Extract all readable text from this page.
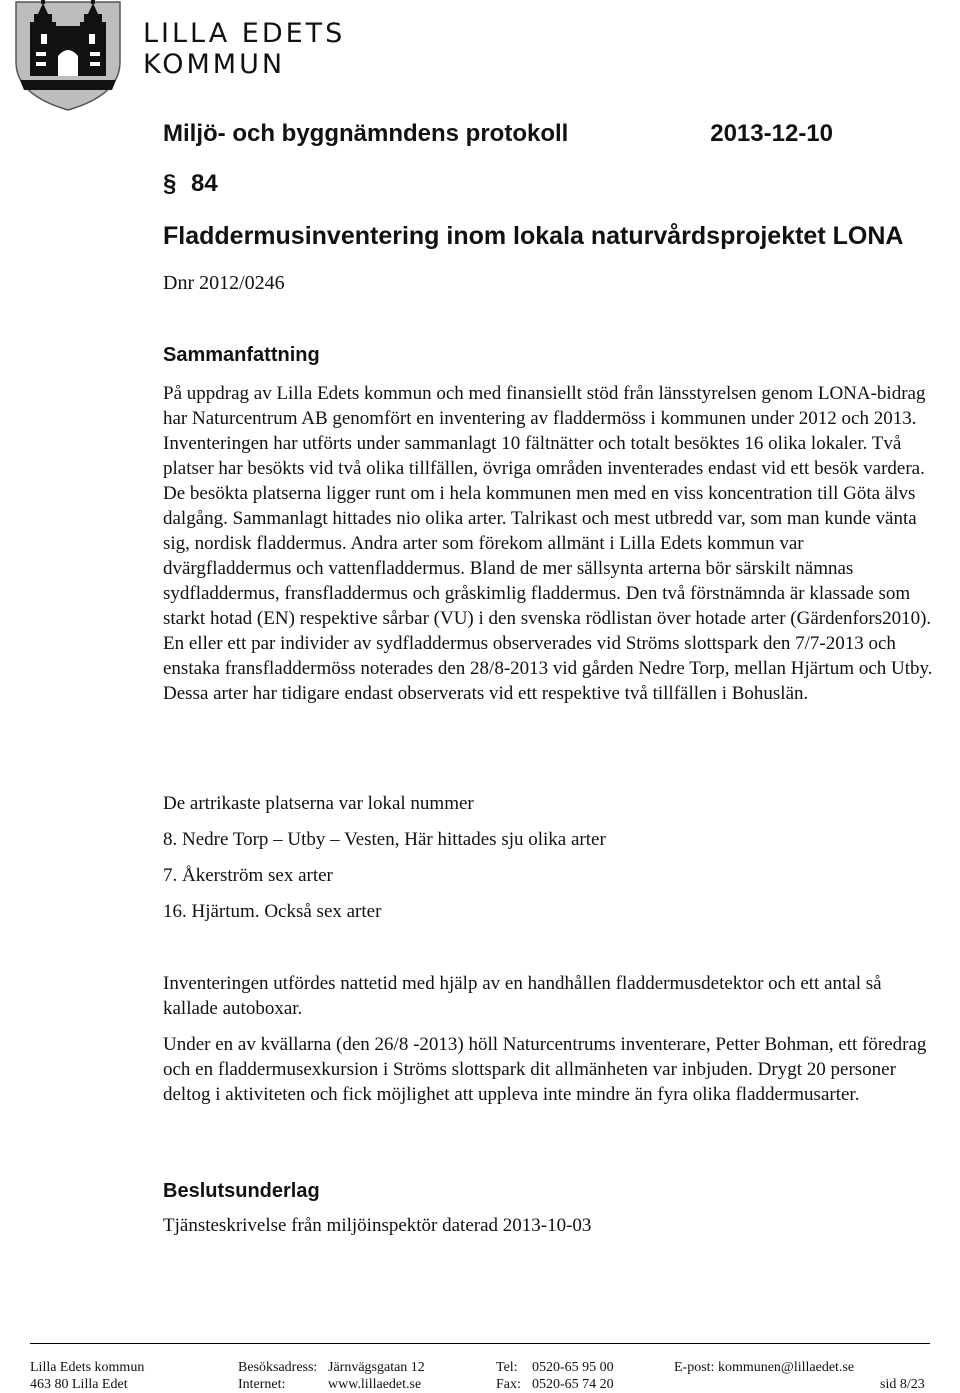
LILLA EDETS
KOMMUN
Miljö- och byggnämndens protokoll	2013-12-10
§ 84
Fladdermusinventering inom lokala naturvårdsprojektet LONA
Dnr 2012/0246
Sammanfattning
På uppdrag av Lilla Edets kommun och med finansiellt stöd från länsstyrelsen genom LONA-bidrag har Naturcentrum AB genomfört en inventering av fladdermöss i kommunen under 2012 och 2013. Inventeringen har utförts under sammanlagt 10 fältnätter och totalt besöktes 16 olika lokaler. Två platser har besökts vid två olika tillfällen, övriga områden inventerades endast vid ett besök vardera. De besökta platserna ligger runt om i hela kommunen men med en viss koncentration till Göta älvs dalgång. Sammanlagt hittades nio olika arter. Talrikast och mest utbredd var, som man kunde vänta sig, nordisk fladdermus. Andra arter som förekom allmänt i Lilla Edets kommun var dvärgfladdermus och vattenfladdermus. Bland de mer sällsynta arterna bör särskilt nämnas sydfladdermus, fransfladdermus och gråskimlig fladdermus. Den två förstnämnda är klassade som starkt hotad (EN) respektive sårbar (VU) i den svenska rödlistan över hotade arter (Gärdenfors2010). En eller ett par individer av sydfladdermus observerades vid Ströms slottspark den 7/7-2013 och enstaka fransfladdermöss noterades den 28/8-2013 vid gården Nedre Torp, mellan Hjärtum och Utby. Dessa arter har tidigare endast observerats vid ett respektive två tillfällen i Bohuslän.
De artrikaste platserna var lokal nummer
8. Nedre Torp – Utby – Vesten, Här hittades sju olika arter
7. Åkerström sex arter
16. Hjärtum. Också sex arter
Inventeringen utfördes nattetid med hjälp av en handhållen fladdermusdetektor och ett antal så kallade autoboxar.
Under en av kvällarna (den 26/8 -2013) höll Naturcentrums inventerare, Petter Bohman, ett föredrag och en fladdermusexkursion i Ströms slottspark dit allmänheten var inbjuden. Drygt 20 personer deltog i aktiviteten och fick möjlighet att uppleva inte mindre än fyra olika fladdermusarter.
Beslutsunderlag
Tjänsteskrivelse från miljöinspektör daterad 2013-10-03
Lilla Edets kommun
463 80 Lilla Edet
Besöksadress:
Internet:
Järnvägsgatan 12
www.lillaedet.se
Tel:
Fax:
0520-65 95 00
0520-65 74 20
E-post: kommunen@lillaedet.se
sid 8/23
